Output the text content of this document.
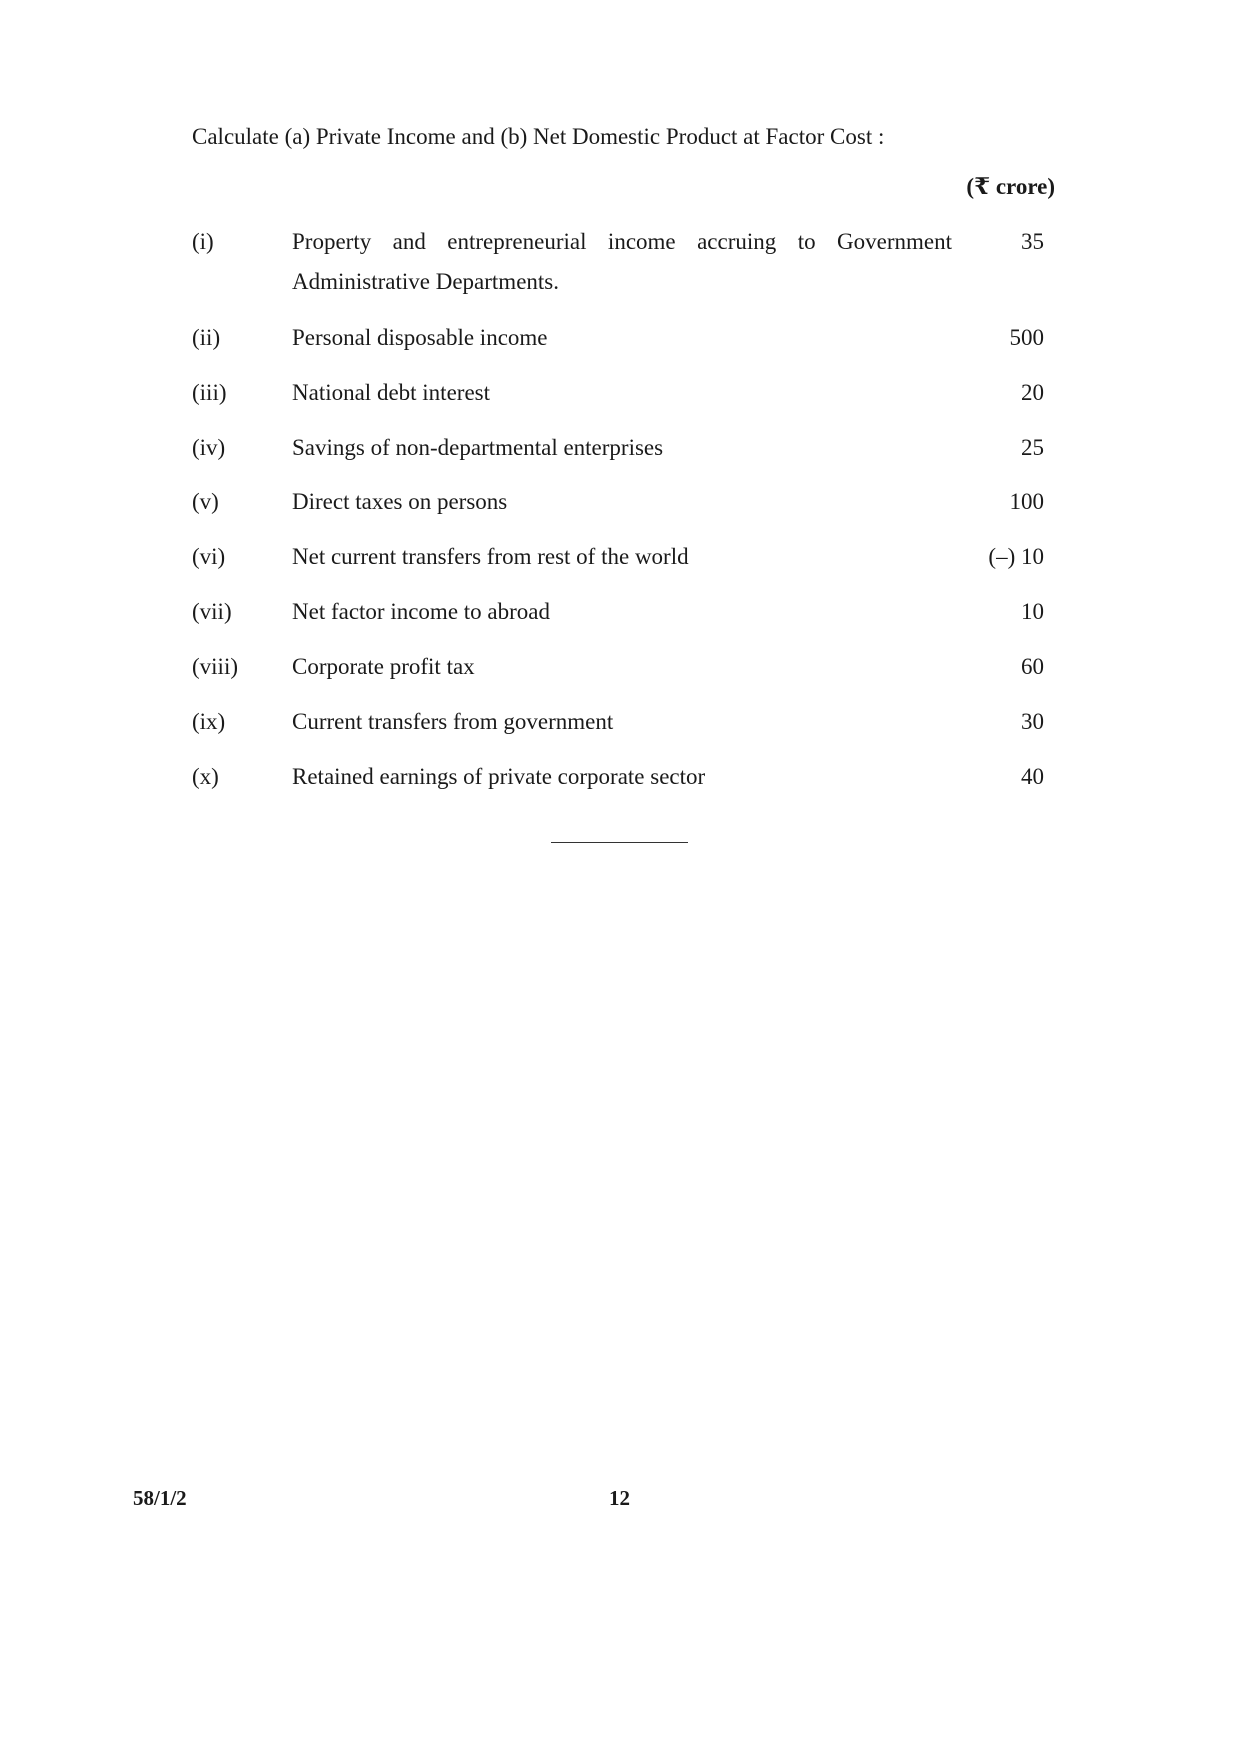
Calculate (a) Private Income and (b) Net Domestic Product at Factor Cost :
(₹ crore)
(i)	Property and entrepreneurial income accruing to Government Administrative Departments.
35
(ii)	Personal disposable income	500
(iii)	National debt interest	20
(iv)	Savings of non-departmental enterprises	25
(v)	Direct taxes on persons	100
(vi)	Net current transfers from rest of the world	(–) 10
(vii)	Net factor income to abroad	10
(viii) Corporate profit tax	60
(ix)	Current transfers from government	30
(x)	Retained earnings of private corporate sector	40
58/1/2	12
